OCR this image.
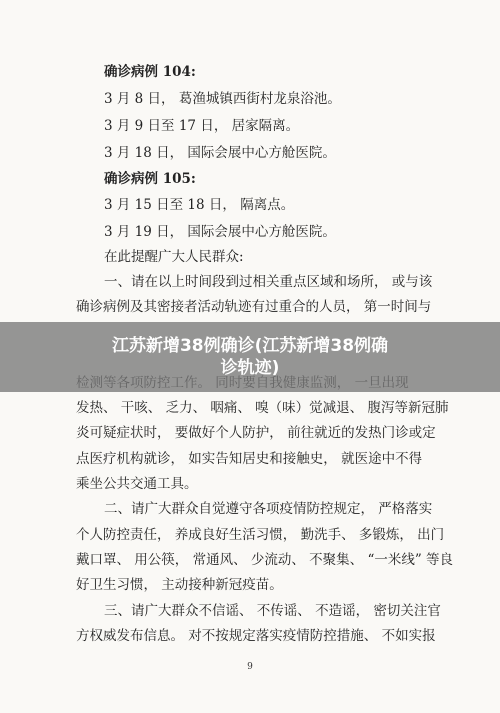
确诊病例 104:
3 月 8 日， 葛渔城镇西街村龙泉浴池。
3 月 9 日至 17 日， 居家隔离。
3 月 18 日， 国际会展中心方舱医院。
确诊病例 105:
3 月 15 日至 18 日， 隔离点。
3 月 19 日， 国际会展中心方舱医院。
在此提醒广大人民群众:
一、请在以上时间段到过相关重点区域和场所， 或与该
确诊病例及其密接者活动轨迹有过重合的人员， 第一时间与
发热、 干咳、 乏力、 咽痛、 嗅（味）觉减退、 腹泻等新冠肺
炎可疑症状时， 要做好个人防护， 前往就近的发热门诊或定
点医疗机构就诊， 如实告知居史和接触史， 就医途中不得
乘坐公共交通工具。
二、请广大群众自觉遵守各项疫情防控规定， 严格落实
个人防控责任， 养成良好生活习惯， 勤洗手、 多锻炼， 出门
戴口罩、 用公筷， 常通风、 少流动、 不聚集、 “一米线” 等良
好卫生习惯， 主动接种新冠疫苗。
三、请广大群众不信谣、 不传谣、 不造谣， 密切关注官
方权威发布信息。 对不按规定落实疫情防控措施、 不如实报
9
江苏新增38例确诊(江苏新增38例确
诊轨迹)
